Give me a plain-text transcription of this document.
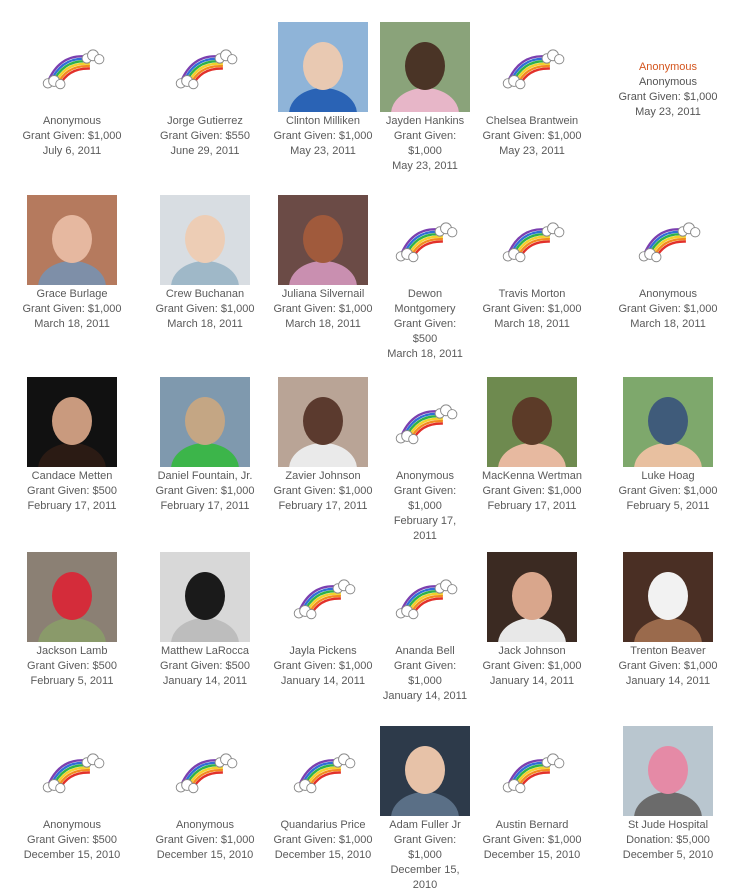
Anonymous
Grant Given: $1,000
July 6, 2011
Jorge Gutierrez
Grant Given: $550
June 29, 2011
Clinton Milliken
Grant Given: $1,000
May 23, 2011
Jayden Hankins
Grant Given: $1,000
May 23, 2011
Chelsea Brantwein
Grant Given: $1,000
May 23, 2011
Anonymous
Anonymous
Grant Given: $1,000
May 23, 2011
Grace Burlage
Grant Given: $1,000
March 18, 2011
Crew Buchanan
Grant Given: $1,000
March 18, 2011
Juliana Silvernail
Grant Given: $1,000
March 18, 2011
Dewon Montgomery
Grant Given: $500
March 18, 2011
Travis Morton
Grant Given: $1,000
March 18, 2011
Anonymous
Grant Given: $1,000
March 18, 2011
Candace Metten
Grant Given: $500
February 17, 2011
Daniel Fountain, Jr.
Grant Given: $1,000
February 17, 2011
Zavier Johnson
Grant Given: $1,000
February 17, 2011
Anonymous
Grant Given: $1,000
February 17, 2011
MacKenna Wertman
Grant Given: $1,000
February 17, 2011
Luke Hoag
Grant Given: $1,000
February 5, 2011
Jackson Lamb
Grant Given: $500
February 5, 2011
Matthew LaRocca
Grant Given: $500
January 14, 2011
Jayla Pickens
Grant Given: $1,000
January 14, 2011
Ananda Bell
Grant Given: $1,000
January 14, 2011
Jack Johnson
Grant Given: $1,000
January 14, 2011
Trenton Beaver
Grant Given: $1,000
January 14, 2011
Anonymous
Grant Given: $500
December 15, 2010
Anonymous
Grant Given: $1,000
December 15, 2010
Quandarius Price
Grant Given: $1,000
December 15, 2010
Adam Fuller Jr
Grant Given: $1,000
December 15, 2010
Austin Bernard
Grant Given: $1,000
December 15, 2010
St Jude Hospital
Donation: $5,000
December 5, 2010
